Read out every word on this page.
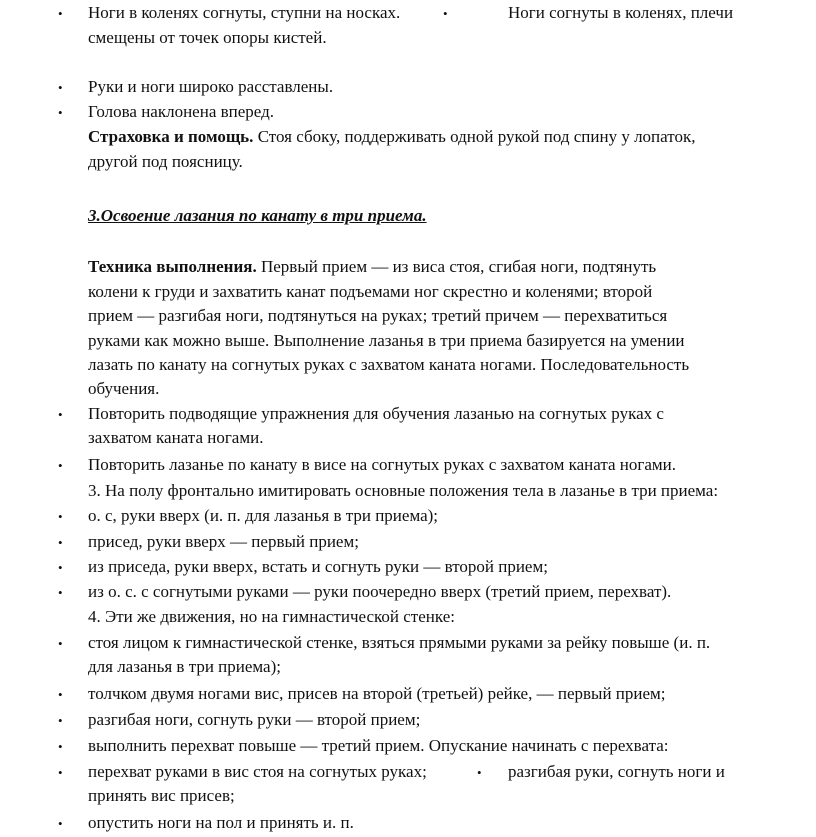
• Ноги в коленях согнуты, ступни на носках.	•	Ноги согнуты в коленях, плечи
смещены от точек опоры кистей.
• Руки и ноги широко расставлены.
• Голова наклонена вперед.
Страховка и помощь. Стоя сбоку, поддерживать одной рукой под спину у лопаток,
другой под поясницу.
3.Освоение лазания по канату в три приема.
Техника выполнения. Первый прием — из виса стоя, сгибая ноги, подтянуть
колени к груди и захватить канат подъемами ног скрестно и коленями; второй
прием — разгибая ноги, подтянуться на руках; третий причем — перехватиться
руками как можно выше. Выполнение лазанья в три приема базируется на умении
лазать по канату на согнутых руках с захватом каната ногами. Последовательность
обучения.
• Повторить подводящие упражнения для обучения лазанью на согнутых руках с
захватом каната ногами.
• Повторить лазанье по канату в висе на согнутых руках с захватом каната ногами.
3. На полу фронтально имитировать основные положения тела в лазанье в три приема:
• о. с, руки вверх (и. п. для лазанья в три приема);
• присед, руки вверх — первый прием;
• из приседа, руки вверх, встать и согнуть руки — второй прием;
• из о. с. с согнутыми руками — руки поочередно вверх (третий прием, перехват).
4. Эти же движения, но на гимнастической стенке:
• стоя лицом к гимнастической стенке, взяться прямыми руками за рейку повыше (и. п.
для лазанья в три приема);
• толчком двумя ногами вис, присев на второй (третьей) рейке, — первый прием;
• разгибая ноги, согнуть руки — второй прием;
• выполнить перехват повыше — третий прием. Опускание начинать с перехвата:
• перехват руками в вис стоя на согнутых руках;	• разгибая руки, согнуть ноги и
принять вис присев;
• опустить ноги на пол и принять и. п.
